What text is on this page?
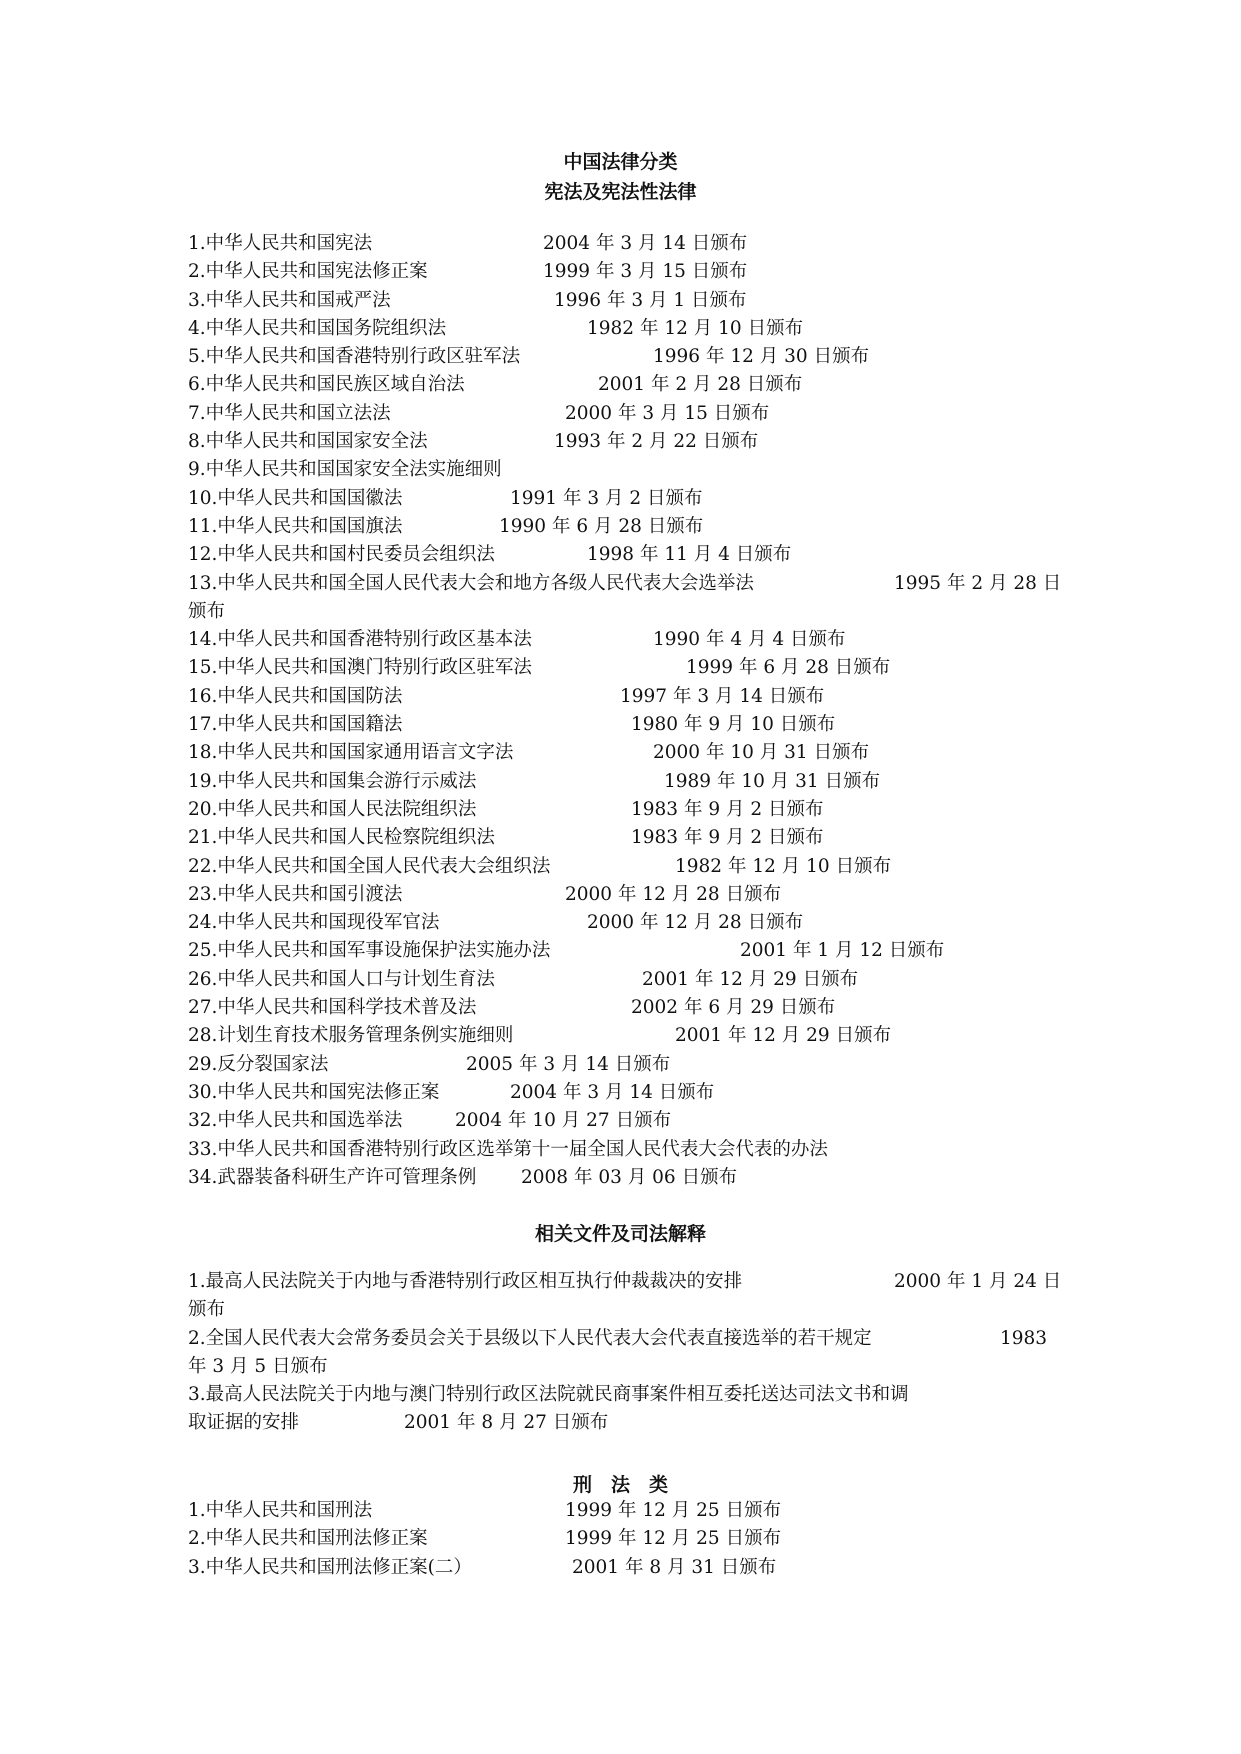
中国法律分类
宪法及宪法性法律
1.中华人民共和国宪法	2004 年 3 月 14 日颁布
2.中华人民共和国宪法修正案	1999 年 3 月 15 日颁布
3.中华人民共和国戒严法	1996 年 3 月 1 日颁布
4.中华人民共和国国务院组织法	1982 年 12 月 10 日颁布
5.中华人民共和国香港特别行政区驻军法	1996 年 12 月 30 日颁布
6.中华人民共和国民族区域自治法	2001 年 2 月 28 日颁布
7.中华人民共和国立法法	2000 年 3 月 15 日颁布
8.中华人民共和国国家安全法	1993 年 2 月 22 日颁布
9.中华人民共和国国家安全法实施细则
10.中华人民共和国国徽法	1991 年 3 月 2 日颁布
11.中华人民共和国国旗法	1990 年 6 月 28 日颁布
12.中华人民共和国村民委员会组织法	1998 年 11 月 4 日颁布
13.中华人民共和国全国人民代表大会和地方各级人民代表大会选举法	1995 年 2 月 28 日
颁布
14.中华人民共和国香港特别行政区基本法	1990 年 4 月 4 日颁布
15.中华人民共和国澳门特别行政区驻军法	1999 年 6 月 28 日颁布
16.中华人民共和国国防法	1997 年 3 月 14 日颁布
17.中华人民共和国国籍法	1980 年 9 月 10 日颁布
18.中华人民共和国国家通用语言文字法	2000 年 10 月 31 日颁布
19.中华人民共和国集会游行示威法	1989 年 10 月 31 日颁布
20.中华人民共和国人民法院组织法	1983 年 9 月 2 日颁布
21.中华人民共和国人民检察院组织法	1983 年 9 月 2 日颁布
22.中华人民共和国全国人民代表大会组织法	1982 年 12 月 10 日颁布
23.中华人民共和国引渡法	2000 年 12 月 28 日颁布
24.中华人民共和国现役军官法	2000 年 12 月 28 日颁布
25.中华人民共和国军事设施保护法实施办法	2001 年 1 月 12 日颁布
26.中华人民共和国人口与计划生育法	2001 年 12 月 29 日颁布
27.中华人民共和国科学技术普及法	2002 年 6 月 29 日颁布
28.计划生育技术服务管理条例实施细则	2001 年 12 月 29 日颁布
29.反分裂国家法	2005 年 3 月 14 日颁布
30.中华人民共和国宪法修正案	2004 年 3 月 14 日颁布
32.中华人民共和国选举法	2004 年 10 月 27 日颁布
33.中华人民共和国香港特别行政区选举第十一届全国人民代表大会代表的办法
34.武器装备科研生产许可管理条例 2008 年 03 月 06 日颁布
相关文件及司法解释
1.最高人民法院关于内地与香港特别行政区相互执行仲裁裁决的安排	2000 年 1 月 24 日
颁布
2.全国人民代表大会常务委员会关于县级以下人民代表大会代表直接选举的若干规定	1983
年 3 月 5 日颁布
3.最高人民法院关于内地与澳门特别行政区法院就民商事案件相互委托送达司法文书和调
取证据的安排	2001 年 8 月 27 日颁布
刑　法　类
1.中华人民共和国刑法	1999 年 12 月 25 日颁布
2.中华人民共和国刑法修正案	1999 年 12 月 25 日颁布
3.中华人民共和国刑法修正案(二）	2001 年 8 月 31 日颁布
